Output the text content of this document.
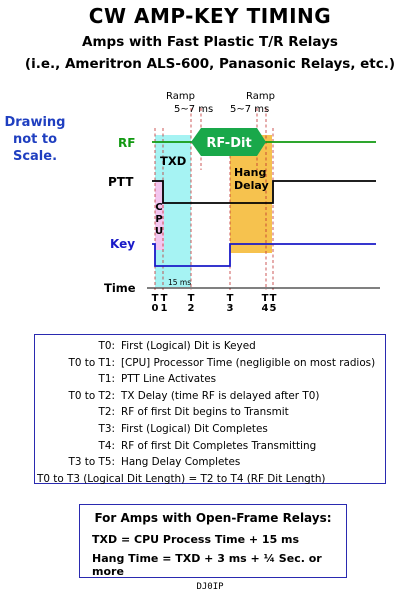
CW AMP-KEY TIMING
Amps with Fast Plastic T/R Relays
(i.e., Ameritron ALS-600, Panasonic Relays, etc.)
Drawing
not to
Scale.
RF-Dit
RF
PTT
Key
Time
TXD
C
P
U
Hang
Delay
15 ms
Ramp
5~7 ms
Ramp
5~7 ms
T
0
T
1
T
2
T
3
T
4
T
5
T0: First (Logical) Dit is Keyed
T0 to T1: [CPU] Processor Time (negligible on most radios)
T1: PTT Line Activates
T0 to T2: TX Delay (time RF is delayed after T0)
T2: RF of first Dit begins to Transmit
T3: First (Logical) Dit Completes
T4: RF of first Dit Completes Transmitting
T3 to T5: Hang Delay Completes
T0 to T3 (Logical Dit Length) = T2 to T4 (RF Dit Length)
For Amps with Open-Frame Relays:
TXD = CPU Process Time + 15 ms
Hang Time = TXD + 3 ms + ¼ Sec. or more
DJ0IP
